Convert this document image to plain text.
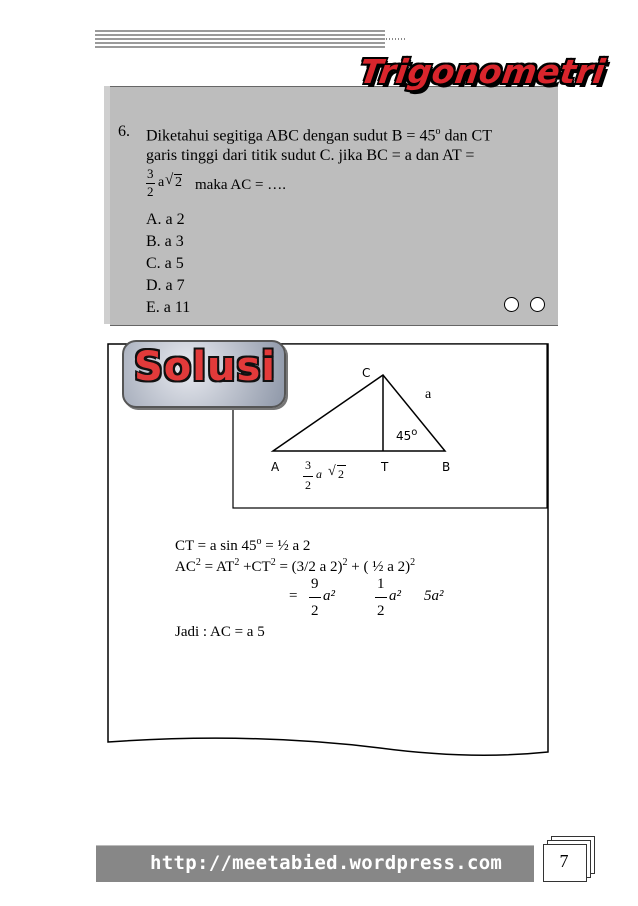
Trigonometri
6. Diketahui segitiga ABC dengan sudut $B = 45^o$ dan CT
garis tinggi dari titik sudut C. jika BC = a dan AT =
3
2
a √ 2 maka AC = ….
A. a 2
B. a 3
C. a 5
D. a 7
E. a 11
Solusi	C
a
45$^o$
A	T	B
3
2
a √ 2
CT = a $\sin 45^o$ = ½ a 2
$AC^2 = AT^2 +CT^2 = (3/2$ a 2)$^2$ + ( ½ a 2)$^2$
=
9
2
a²
1
2
a² 5a²
Jadi : AC = a 5
http://meetabied.wordpress.com	7
